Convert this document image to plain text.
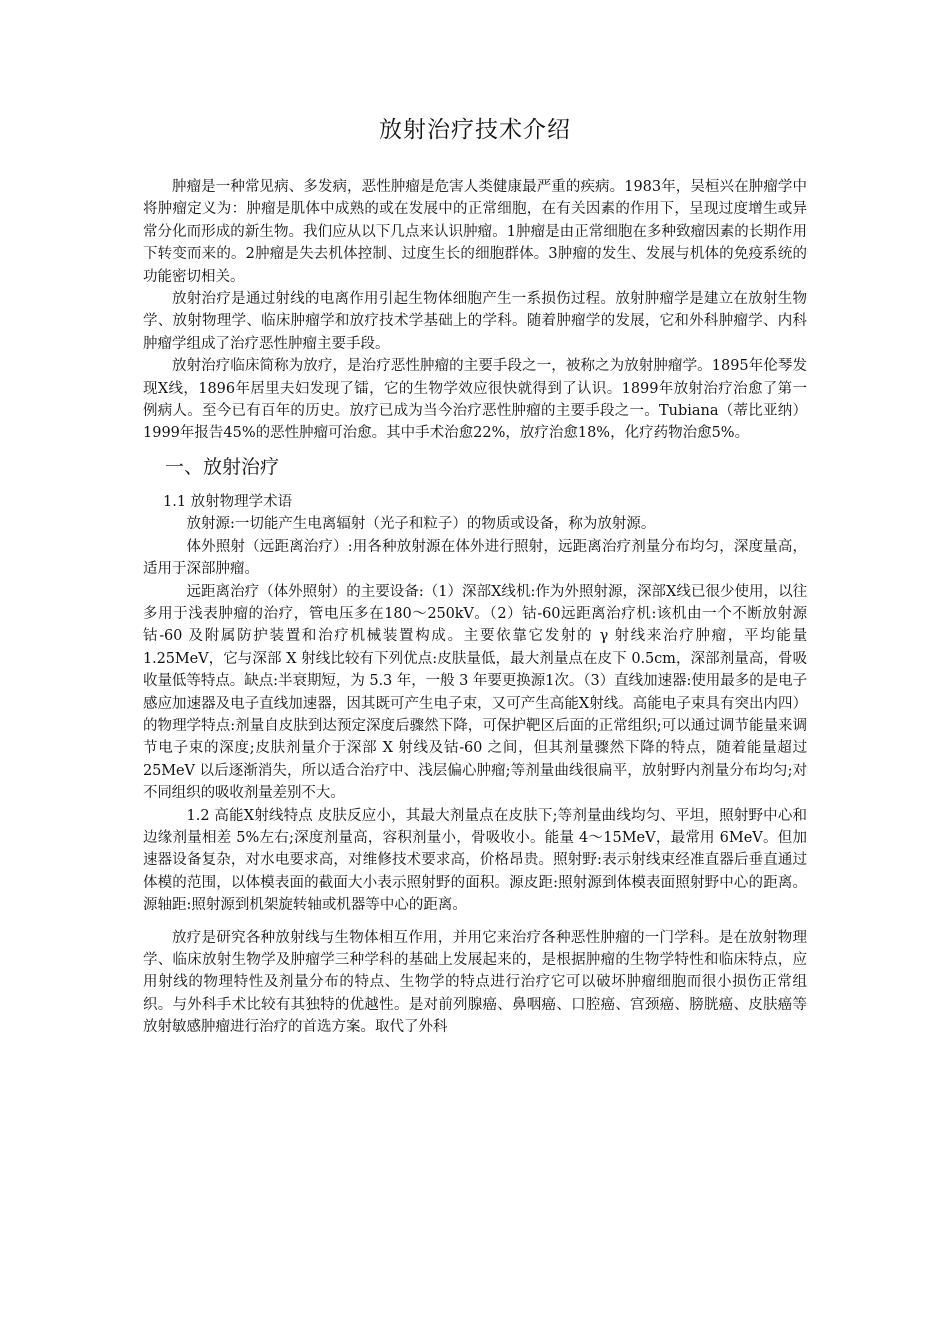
放射治疗技术介绍

肿瘤是一种常见病、多发病，恶性肿瘤是危害人类健康最严重的疾病。1983年，吴桓兴在肿瘤学中将肿瘤定义为：肿瘤是肌体中成熟的或在发展中的正常细胞，在有关因素的作用下，呈现过度增生或异常分化而形成的新生物。我们应从以下几点来认识肿瘤。1肿瘤是由正常细胞在多种致瘤因素的长期作用下转变而来的。2肿瘤是失去机体控制、过度生长的细胞群体。3肿瘤的发生、发展与机体的免疫系统的功能密切相关。

放射治疗是通过射线的电离作用引起生物体细胞产生一系损伤过程。放射肿瘤学是建立在放射生物学、放射物理学、临床肿瘤学和放疗技术学基础上的学科。随着肿瘤学的发展，它和外科肿瘤学、内科肿瘤学组成了治疗恶性肿瘤主要手段。

放射治疗临床简称为放疗，是治疗恶性肿瘤的主要手段之一，被称之为放射肿瘤学。1895年伦琴发现X线，1896年居里夫妇发现了镭，它的生物学效应很快就得到了认识。1899年放射治疗治愈了第一例病人。至今已有百年的历史。放疗已成为当今治疗恶性肿瘤的主要手段之一。Tubiana（蒂比亚纳）1999年报告45%的恶性肿瘤可治愈。其中手术治愈22%，放疗治愈18%，化疗药物治愈5%。

一、放射治疗
1.1 放射物理学术语

放射源:一切能产生电离辐射（光子和粒子）的物质或设备，称为放射源。

体外照射（远距离治疗）:用各种放射源在体外进行照射，远距离治疗剂量分布均匀，深度量高，适用于深部肿瘤。

远距离治疗（体外照射）的主要设备:（1）深部X线机:作为外照射源，深部X线已很少使用，以往多用于浅表肿瘤的治疗，管电压多在180～250kV。（2）钴-60远距离治疗机:该机由一个不断放射源钴-60 及附属防护装置和治疗机械装置构成。主要依靠它发射的 γ 射线来治疗肿瘤，平均能量 1.25MeV，它与深部 X 射线比较有下列优点:皮肤量低，最大剂量点在皮下 0.5cm，深部剂量高，骨吸收量低等特点。缺点:半衰期短，为 5.3 年，一般 3 年要更换源1次。（3）直线加速器:使用最多的是电子感应加速器及电子直线加速器，因其既可产生电子束，又可产生高能X射线。高能电子束具有突出内四） 的物理学特点:剂量自皮肤到达预定深度后骤然下降，可保护靶区后面的正常组织;可以通过调节能量来调节电子束的深度;皮肤剂量介于深部 X 射线及钴-60 之间，但其剂量骤然下降的特点，随着能量超过 25MeV 以后逐渐消失，所以适合治疗中、浅层偏心肿瘤;等剂量曲线很扁平，放射野内剂量分布均匀;对不同组织的吸收剂量差别不大。

1.2 高能X射线特点 皮肤反应小，其最大剂量点在皮肤下;等剂量曲线均匀、平坦，照射野中心和边缘剂量相差 5%左右;深度剂量高，容积剂量小，骨吸收小。能量 4～15MeV，最常用 6MeV。但加速器设备复杂，对水电要求高，对维修技术要求高，价格昂贵。照射野:表示射线束经准直器后垂直通过体模的范围，以体模表面的截面大小表示照射野的面积。源皮距:照射源到体模表面照射野中心的距离。源轴距:照射源到机架旋转轴或机器等中心的距离。

放疗是研究各种放射线与生物体相互作用，并用它来治疗各种恶性肿瘤的一门学科。是在放射物理学、临床放射生物学及肿瘤学三种学科的基础上发展起来的，是根据肿瘤的生物学特性和临床特点，应用射线的物理特性及剂量分布的特点、生物学的特点进行治疗它可以破坏肿瘤细胞而很小损伤正常组织。与外科手术比较有其独特的优越性。是对前列腺癌、鼻咽癌、口腔癌、宫颈癌、膀胱癌、皮肤癌等放射敏感肿瘤进行治疗的首选方案。取代了外科
